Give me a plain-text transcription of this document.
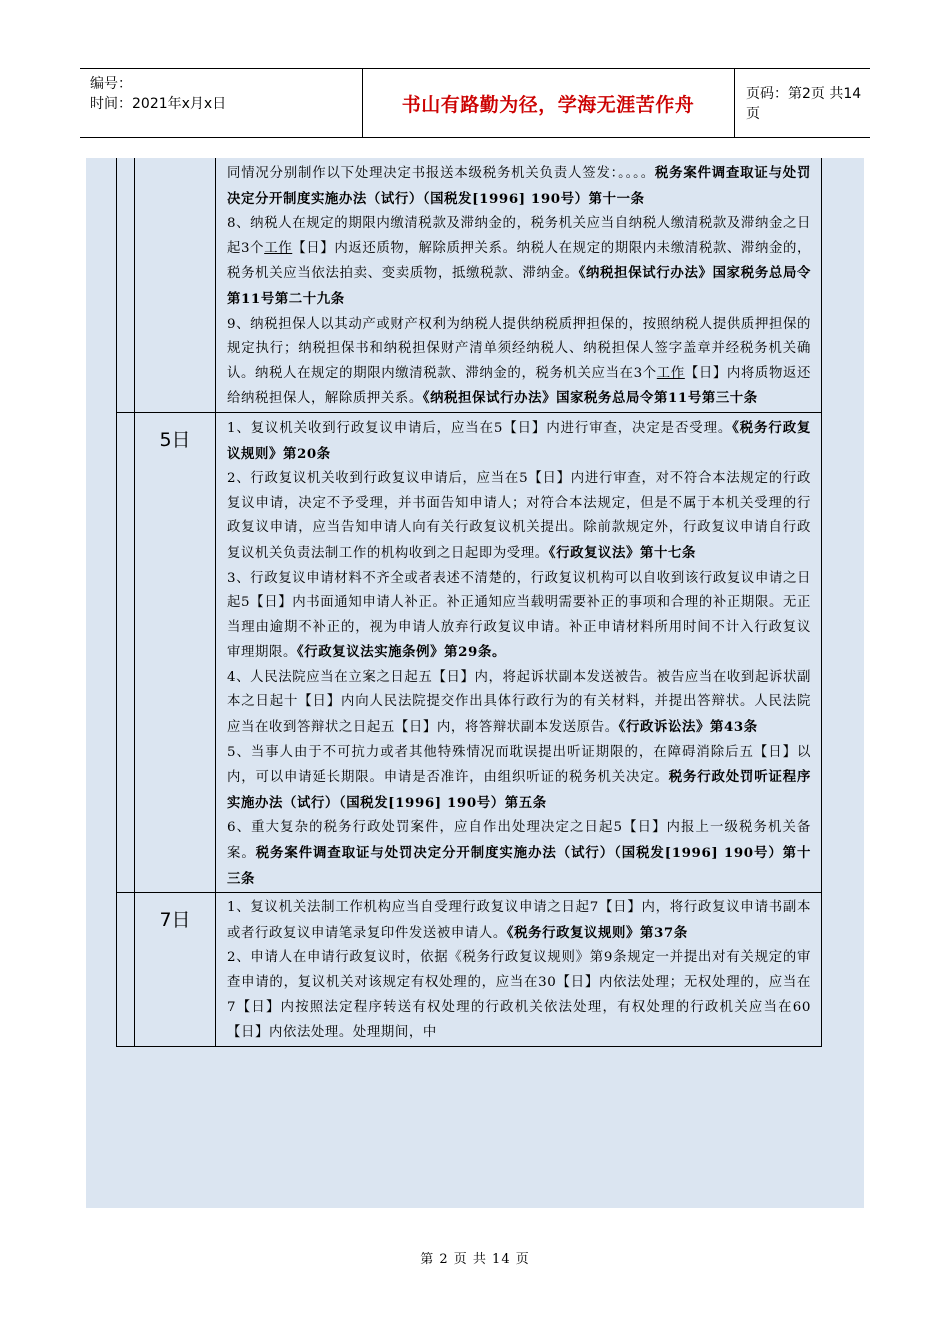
编号：
时间：2021年x月x日	书山有路勤为径，学海无涯苦作舟	页码：第2页 共14页

同情况分别制作以下处理决定书报送本级税务机关负责人签发：。。。。税务案件调查取证与处罚决定分开制度实施办法（试行）（国税发[1996] 190号）第十一条

8、纳税人在规定的期限内缴清税款及滞纳金的，税务机关应当自纳税人缴清税款及滞纳金之日起3个工作【日】内返还质物，解除质押关系。纳税人在规定的期限内未缴清税款、滞纳金的，税务机关应当依法拍卖、变卖质物，抵缴税款、滞纳金。《纳税担保试行办法》国家税务总局令第11号第二十九条

9、纳税担保人以其动产或财产权利为纳税人提供纳税质押担保的，按照纳税人提供质押担保的规定执行；纳税担保书和纳税担保财产清单须经纳税人、纳税担保人签字盖章并经税务机关确认。纳税人在规定的期限内缴清税款、滞纳金的，税务机关应当在3个工作【日】内将质物返还给纳税担保人，解除质押关系。《纳税担保试行办法》国家税务总局令第11号第三十条

5日

1、复议机关收到行政复议申请后，应当在5【日】内进行审查，决定是否受理。《税务行政复议规则》第20条

2、行政复议机关收到行政复议申请后，应当在5【日】内进行审查，对不符合本法规定的行政复议申请，决定不予受理，并书面告知申请人；对符合本法规定，但是不属于本机关受理的行政复议申请，应当告知申请人向有关行政复议机关提出。除前款规定外，行政复议申请自行政复议机关负责法制工作的机构收到之日起即为受理。《行政复议法》第十七条

3、行政复议申请材料不齐全或者表述不清楚的，行政复议机构可以自收到该行政复议申请之日起5【日】内书面通知申请人补正。补正通知应当载明需要补正的事项和合理的补正期限。无正当理由逾期不补正的，视为申请人放弃行政复议申请。补正申请材料所用时间不计入行政复议审理期限。《行政复议法实施条例》第29条。

4、人民法院应当在立案之日起五【日】内，将起诉状副本发送被告。被告应当在收到起诉状副本之日起十【日】内向人民法院提交作出具体行政行为的有关材料，并提出答辩状。人民法院应当在收到答辩状之日起五【日】内，将答辩状副本发送原告。《行政诉讼法》第43条

5、当事人由于不可抗力或者其他特殊情况而耽误提出听证期限的，在障碍消除后五【日】以内，可以申请延长期限。申请是否准许，由组织听证的税务机关决定。税务行政处罚听证程序实施办法（试行）（国税发[1996] 190号）第五条

6、重大复杂的税务行政处罚案件，应自作出处理决定之日起5【日】内报上一级税务机关备案。税务案件调查取证与处罚决定分开制度实施办法（试行）（国税发[1996] 190号）第十三条

7日

1、复议机关法制工作机构应当自受理行政复议申请之日起7【日】内，将行政复议申请书副本或者行政复议申请笔录复印件发送被申请人。《税务行政复议规则》第37条

2、申请人在申请行政复议时，依据《税务行政复议规则》第9条规定一并提出对有关规定的审查申请的，复议机关对该规定有权处理的，应当在30【日】内依法处理；无权处理的，应当在7【日】内按照法定程序转送有权处理的行政机关依法处理，有权处理的行政机关应当在60【日】内依法处理。处理期间，中

第 2 页 共 14 页
